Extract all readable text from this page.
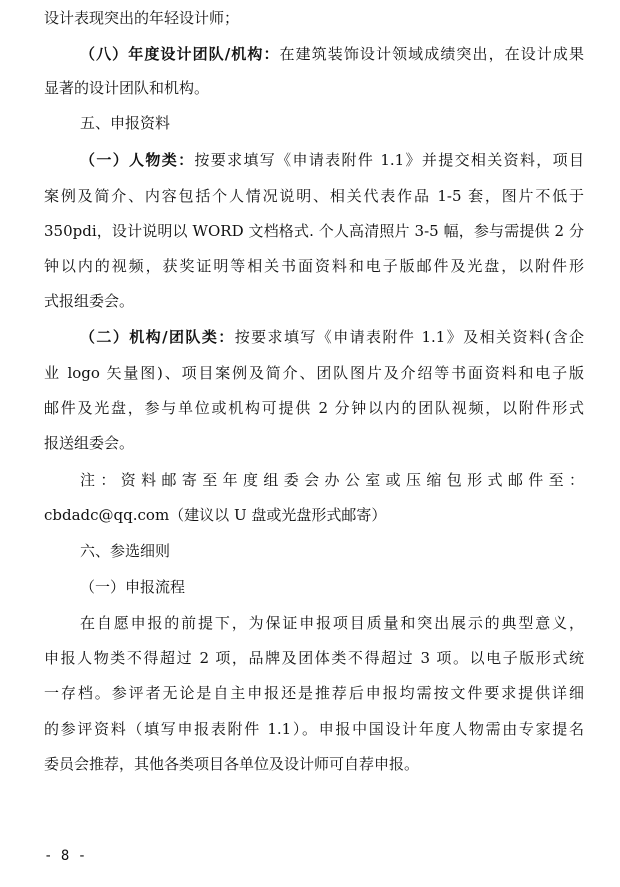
设计表现突出的年轻设计师；
（八）年度设计团队/机构：在建筑装饰设计领域成绩突出，在设计成果
显著的设计团队和机构。
五、申报资料
（一）人物类：按要求填写《申请表附件 1.1》并提交相关资料，项目
案例及简介、内容包括个人情况说明、相关代表作品 1-5 套，图片不低于
350pdi，设计说明以 WORD 文档格式. 个人高清照片 3-5 幅，参与需提供 2 分
钟以内的视频，获奖证明等相关书面资料和电子版邮件及光盘，以附件形
式报组委会。
（二）机构/团队类：按要求填写《申请表附件 1.1》及相关资料(含企
业 logo 矢量图)、项目案例及简介、团队图片及介绍等书面资料和电子版
邮件及光盘，参与单位或机构可提供 2 分钟以内的团队视频，以附件形式
报送组委会。
注：资料邮寄至年度组委会办公室或压缩包形式邮件至：
cbdadc@qq.com（建议以 U 盘或光盘形式邮寄）
六、参选细则
（一）申报流程
在自愿申报的前提下，为保证申报项目质量和突出展示的典型意义，
申报人物类不得超过 2 项，品牌及团体类不得超过 3 项。以电子版形式统
一存档。参评者无论是自主申报还是推荐后申报均需按文件要求提供详细
的参评资料（填写申报表附件 1.1）。申报中国设计年度人物需由专家提名
委员会推荐，其他各类项目各单位及设计师可自荐申报。
- 8 -
